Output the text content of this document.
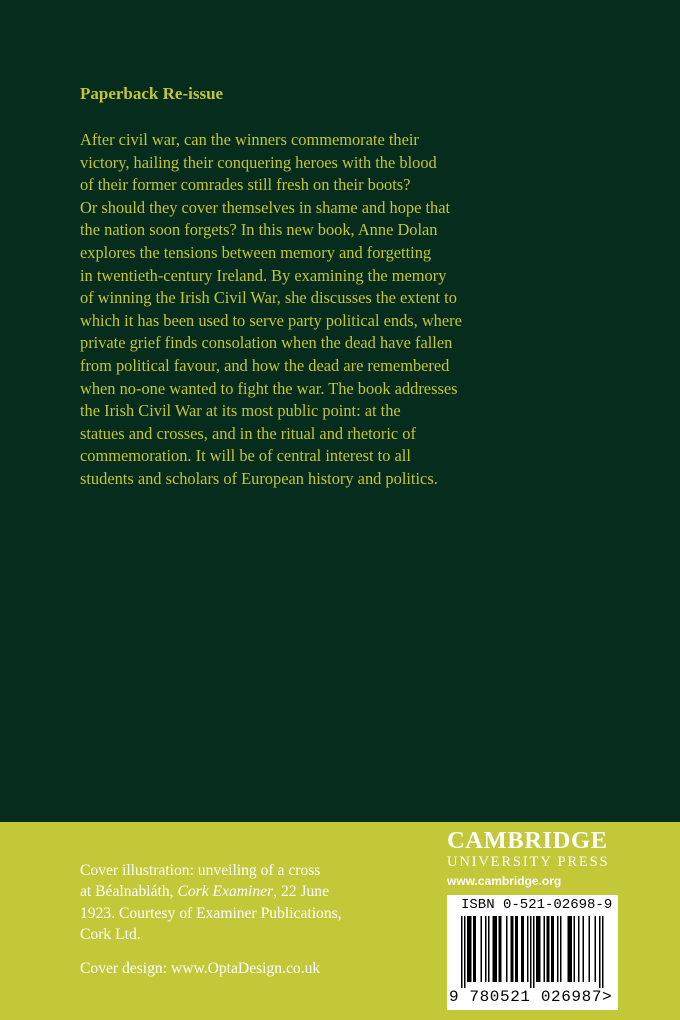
Paperback Re-issue
After civil war, can the winners commemorate their
victory, hailing their conquering heroes with the blood
of their former comrades still fresh on their boots?
Or should they cover themselves in shame and hope that
the nation soon forgets? In this new book, Anne Dolan
explores the tensions between memory and forgetting
in twentieth-century Ireland. By examining the memory
of winning the Irish Civil War, she discusses the extent to
which it has been used to serve party political ends, where
private grief finds consolation when the dead have fallen
from political favour, and how the dead are remembered
when no-one wanted to fight the war. The book addresses
the Irish Civil War at its most public point: at the
statues and crosses, and in the ritual and rhetoric of
commemoration. It will be of central interest to all
students and scholars of European history and politics.
Cover illustration: unveiling of a cross
at Béalnabláth, Cork Examiner, 22 June
1923. Courtesy of Examiner Publications,
Cork Ltd.
Cover design: www.OptaDesign.co.uk
CAMBRIDGE
UNIVERSITY PRESS
www.cambridge.org
ISBN 0-521-02698-9
9 780521 026987>
